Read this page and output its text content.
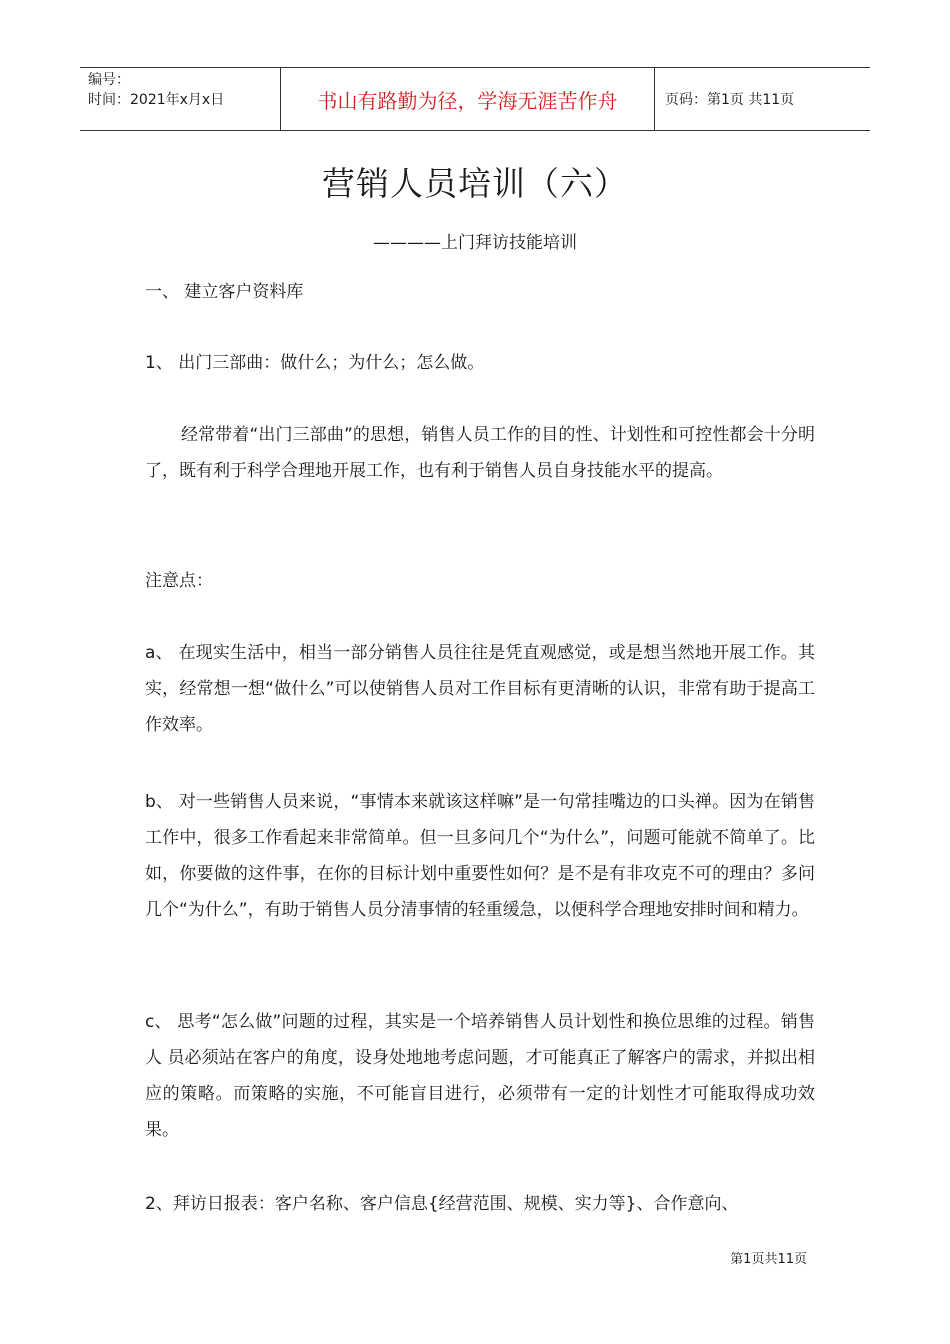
编号：
时间：2021年x月x日	书山有路勤为径，学海无涯苦作舟	页码：第1页 共11页
营销人员培训（六）
————上门拜访技能培训
一、 建立客户资料库
1、 出门三部曲：做什么；为什么；怎么做。

经常带着“出门三部曲”的思想，销售人员工作的目的性、计划性和可控性都会十分明了，既有利于科学合理地开展工作，也有利于销售人员自身技能水平的提高。

注意点：

a、 在现实生活中，相当一部分销售人员往往是凭直观感觉，或是想当然地开展工作。其实，经常想一想“做什么”可以使销售人员对工作目标有更清晰的认识，非常有助于提高工作效率。

b、 对一些销售人员来说，“事情本来就该这样嘛”是一句常挂嘴边的口头禅。因为在销售工作中，很多工作看起来非常简单。但一旦多问几个“为什么”，问题可能就不简单了。比如，你要做的这件事，在你的目标计划中重要性如何？是不是有非攻克不可的理由？多问几个“为什么”，有助于销售人员分清事情的轻重缓急，以便科学合理地安排时间和精力。

c、 思考“怎么做”问题的过程，其实是一个培养销售人员计划性和换位思维的过程。销售人 员必须站在客户的角度，设身处地地考虑问题，才可能真正了解客户的需求，并拟出相应的策略。而策略的实施，不可能盲目进行，必须带有一定的计划性才可能取得成功效果。

2、拜访日报表：客户名称、客户信息{经营范围、规模、实力等}、合作意向、
第1页共11页
